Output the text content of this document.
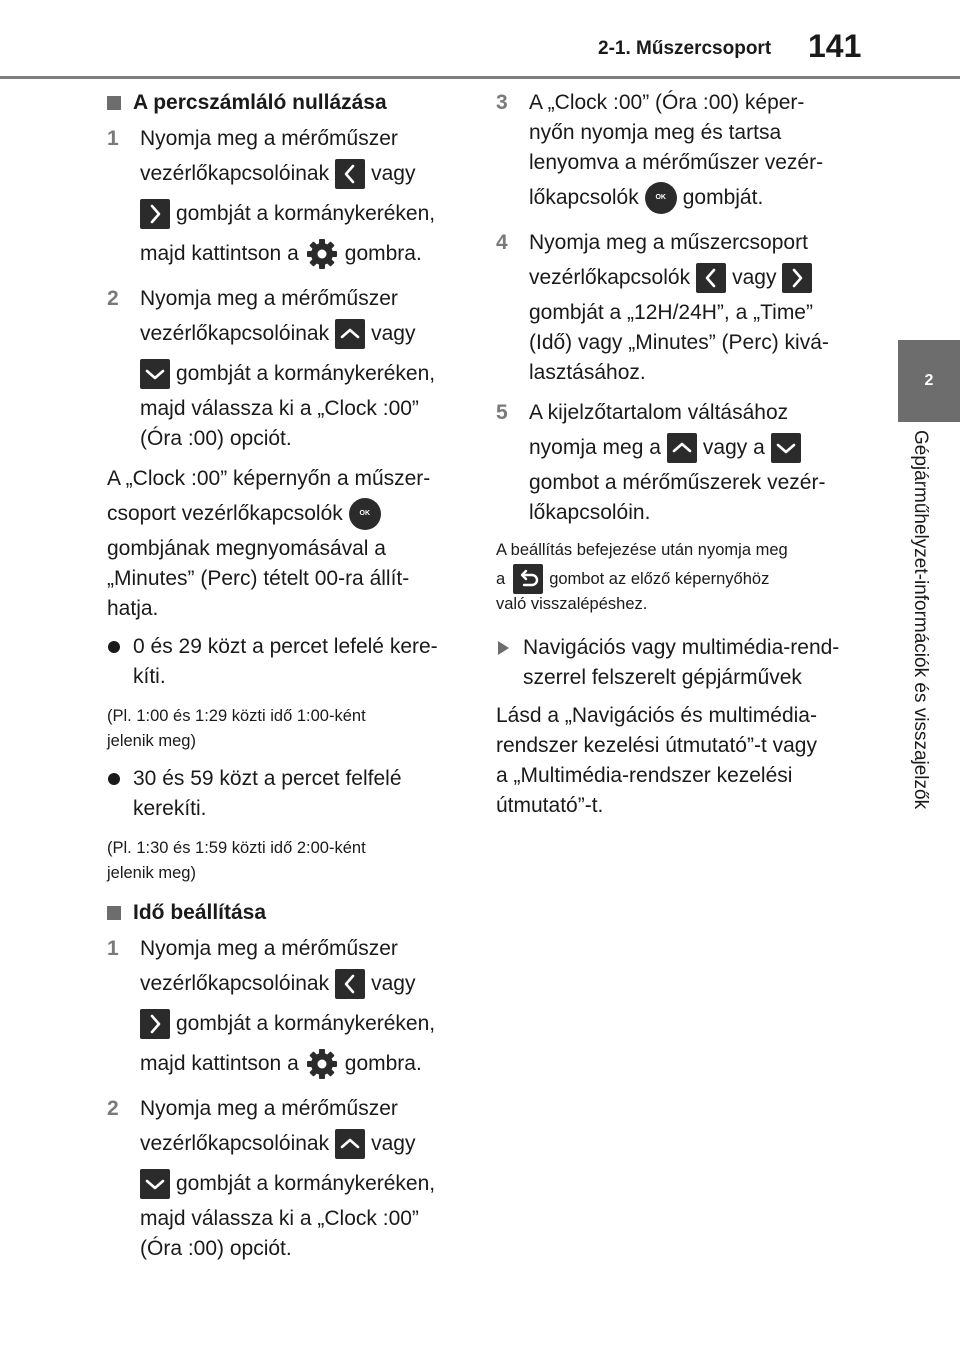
2-1. Műszercsoport 141
2
Gépjárműhelyzet-információk és visszajelzők
A percszámláló nullázása
1	Nyomja meg a mérőműszer
vezérlőkapcsolóinak vagy
gombját a kormánykeréken,
majd kattintson a gombra.
2	Nyomja meg a mérőműszer
vezérlőkapcsolóinak vagy
gombját a kormánykeréken,
majd válassza ki a „Clock :00”
(Óra :00) opciót.
A „Clock :00” képernyőn a műszer-
csoport vezérlőkapcsolók	OK
gombjának megnyomásával a
„Minutes” (Perc) tételt 00-ra állít-
hatja.
0 és 29 közt a percet lefelé kere-
kíti.
(Pl. 1:00 és 1:29 közti idő 1:00-ként
jelenik meg)
30 és 59 közt a percet felfelé
kerekíti.
(Pl. 1:30 és 1:59 közti idő 2:00-ként
jelenik meg)
Idő beállítása
1	Nyomja meg a mérőműszer
vezérlőkapcsolóinak vagy
gombját a kormánykeréken,
majd kattintson a gombra.
2	Nyomja meg a mérőműszer
vezérlőkapcsolóinak vagy
gombját a kormánykeréken,
majd válassza ki a „Clock :00”
(Óra :00) opciót.
3	A „Clock :00” (Óra :00) képer-
nyőn nyomja meg és tartsa
lenyomva a mérőműszer vezér-
lőkapcsolók	OK gombját.
4	Nyomja meg a műszercsoport
vezérlőkapcsolók vagy
gombját a „12H/24H”, a „Time”
(Idő) vagy „Minutes” (Perc) kivá-
lasztásához.
5	A kijelzőtartalom váltásához
nyomja meg a vagy a
gombot a mérőműszerek vezér-
lőkapcsolóin.
A beállítás befejezése után nyomja meg
a	gombot az előző képernyőhöz
való visszalépéshez.
Navigációs vagy multimédia-rend-
szerrel felszerelt gépjárművek
Lásd a „Navigációs és multimédia-
rendszer kezelési útmutató”-t vagy
a „Multimédia-rendszer kezelési
útmutató”-t.
